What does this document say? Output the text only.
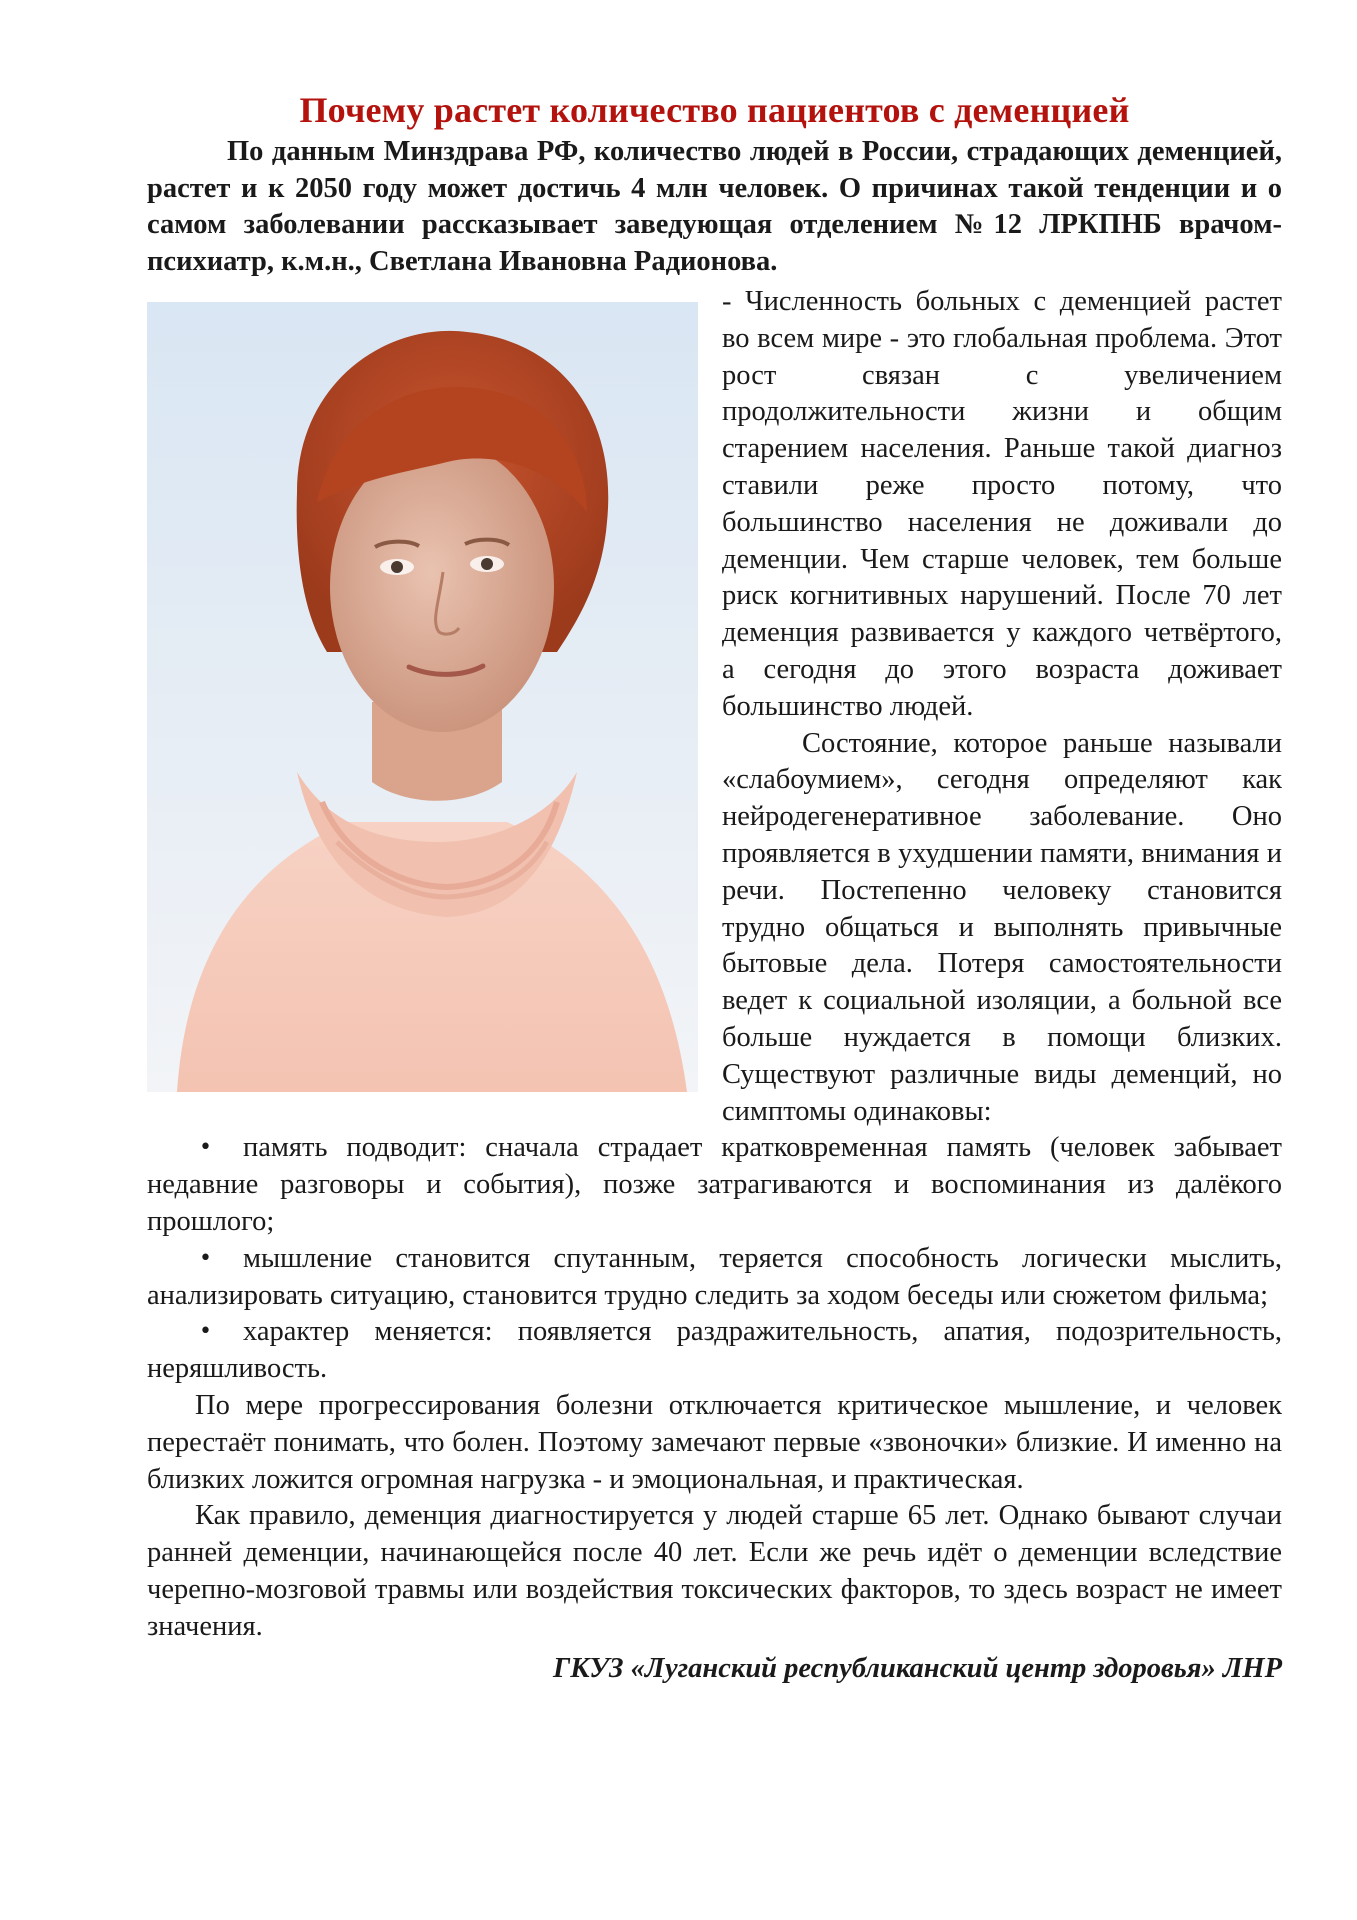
Почему растет количество пациентов с деменцией

По данным Минздрава РФ, количество людей в России, страдающих деменцией, растет и к 2050 году может достичь 4 млн человек. О причинах такой тенденции и о самом заболевании рассказывает заведующая отделением №12 ЛРКПНБ врачом-психиатр, к.м.н., Светлана Ивановна Радионова.

- Численность больных с деменцией растет во всем мире - это глобальная проблема. Этот рост связан с увеличением продолжительности жизни и общим старением населения. Раньше такой диагноз ставили реже просто потому, что большинство населения не доживали до деменции. Чем старше человек, тем больше риск когнитивных нарушений. После 70 лет деменция развивается у каждого четвёртого, а сегодня до этого возраста доживает большинство людей.

Состояние, которое раньше называли «слабоумием», сегодня определяют как нейродегенеративное заболевание. Оно проявляется в ухудшении памяти, внимания и речи. Постепенно человеку становится трудно общаться и выполнять привычные бытовые дела. Потеря самостоятельности ведет к социальной изоляции, а больной все больше нуждается в помощи близких. Существуют различные виды деменций, но симптомы одинаковы:

• память подводит: сначала страдает кратковременная память (человек забывает недавние разговоры и события), позже затрагиваются и воспоминания из далёкого прошлого;
• мышление становится спутанным, теряется способность логически мыслить, анализировать ситуацию, становится трудно следить за ходом беседы или сюжетом фильма;
• характер меняется: появляется раздражительность, апатия, подозрительность, неряшливость.

По мере прогрессирования болезни отключается критическое мышление, и человек перестаёт понимать, что болен. Поэтому замечают первые «звоночки» близкие. И именно на близких ложится огромная нагрузка - и эмоциональная, и практическая.

Как правило, деменция диагностируется у людей старше 65 лет. Однако бывают случаи ранней деменции, начинающейся после 40 лет. Если же речь идёт о деменции вследствие черепно-мозговой травмы или воздействия токсических факторов, то здесь возраст не имеет значения.

ГКУЗ «Луганский республиканский центр здоровья» ЛНР
